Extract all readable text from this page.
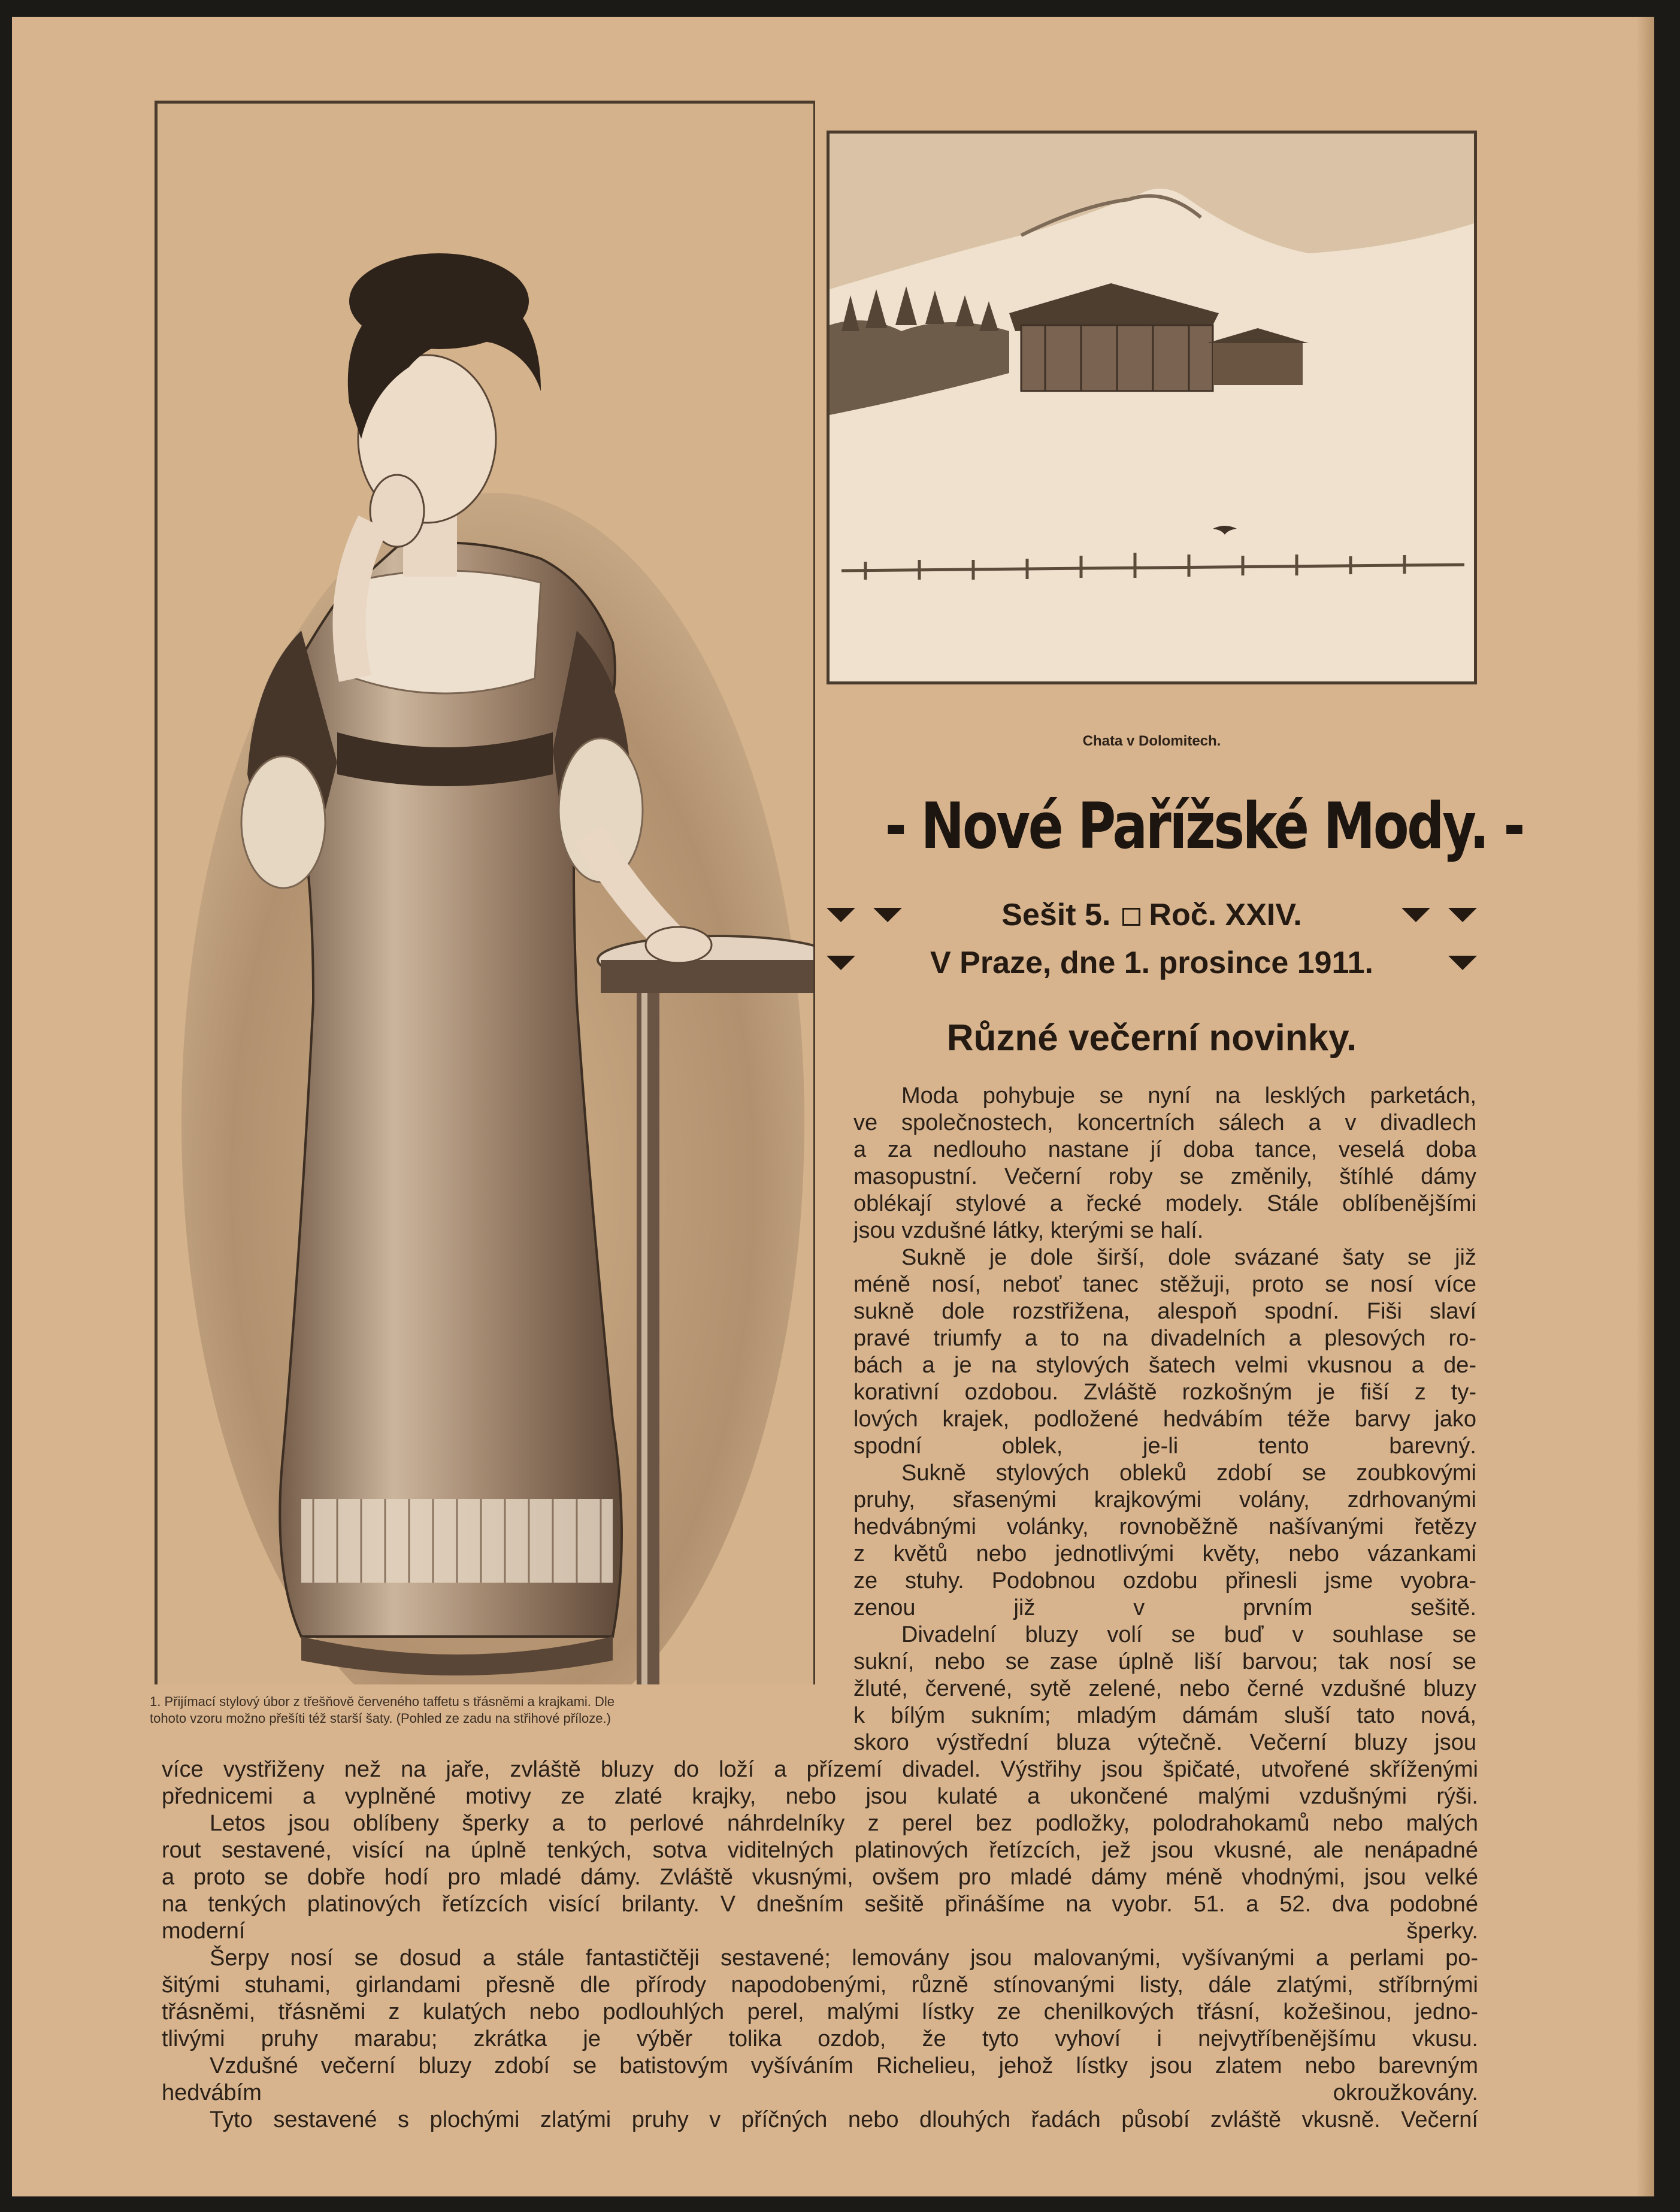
1. Přijímací stylový úbor z třešňově červeného taffetu s třásněmi a krajkami. Dle
tohoto vzoru možno přešíti též starší šaty. (Pohled ze zadu na střihové příloze.)
Chata v Dolomitech.
- Nové Pařížské Mody. -
Sešit 5. Roč. XXIV.
V Praze, dne 1. prosince 1911.
Různé večerní novinky.
Moda pohybuje se nyní na lesklých parketách,
ve společnostech, koncertních sálech a v divadlech
a za nedlouho nastane jí doba tance, veselá doba
masopustní. Večerní roby se změnily, štíhlé dámy
oblékají stylové a řecké modely. Stále oblíbenějšími
jsou vzdušné látky, kterými se halí.
Sukně je dole širší, dole svázané šaty se již
méně nosí, neboť tanec stěžuji, proto se nosí více
sukně dole rozstřižena, alespoň spodní. Fiši slaví
pravé triumfy a to na divadelních a plesových ro-
bách a je na stylových šatech velmi vkusnou a de-
korativní ozdobou. Zvláště rozkošným je fiší z ty-
lových krajek, podložené hedvábím téže barvy jako
spodní oblek, je-li tento barevný.
Sukně stylových obleků zdobí se zoubkovými
pruhy, sřasenými krajkovými volány, zdrhovanými
hedvábnými volánky, rovnoběžně našívanými řetězy
z květů nebo jednotlivými květy, nebo vázankami
ze stuhy. Podobnou ozdobu přinesli jsme vyobra-
zenou již v prvním sešitě.
Divadelní bluzy volí se buď v souhlase se
sukní, nebo se zase úplně liší barvou; tak nosí se
žluté, červené, sytě zelené, nebo černé vzdušné bluzy
k bílým sukním; mladým dámám sluší tato nová,
skoro výstřední bluza výtečně. Večerní bluzy jsou
více vystřiženy než na jaře, zvláště bluzy do loží a přízemí divadel. Výstřihy jsou špičaté, utvořené skříženými
přednicemi a vyplněné motivy ze zlaté krajky, nebo jsou kulaté a ukončené malými vzdušnými rýši.
Letos jsou oblíbeny šperky a to perlové náhrdelníky z perel bez podložky, polodrahokamů nebo malých
rout sestavené, visící na úplně tenkých, sotva viditelných platinových řetízcích, jež jsou vkusné, ale nenápadné
a proto se dobře hodí pro mladé dámy. Zvláště vkusnými, ovšem pro mladé dámy méně vhodnými, jsou velké
na tenkých platinových řetízcích visící brilanty. V dnešním sešitě přinášíme na vyobr. 51. a 52. dva podobné
moderní šperky.
Šerpy nosí se dosud a stále fantastičtěji sestavené; lemovány jsou malovanými, vyšívanými a perlami po-
šitými stuhami, girlandami přesně dle přírody napodobenými, různě stínovanými listy, dále zlatými, stříbrnými
třásněmi, třásněmi z kulatých nebo podlouhlých perel, malými lístky ze chenilkových třásní, kožešinou, jedno-
tlivými pruhy marabu; zkrátka je výběr tolika ozdob, že tyto vyhoví i nejvytříbenějšímu vkusu.
Vzdušné večerní bluzy zdobí se batistovým vyšíváním Richelieu, jehož lístky jsou zlatem nebo barevným
hedvábím okroužkovány.
Tyto sestavené s plochými zlatými pruhy v příčných nebo dlouhých řadách působí zvláště vkusně. Večerní
